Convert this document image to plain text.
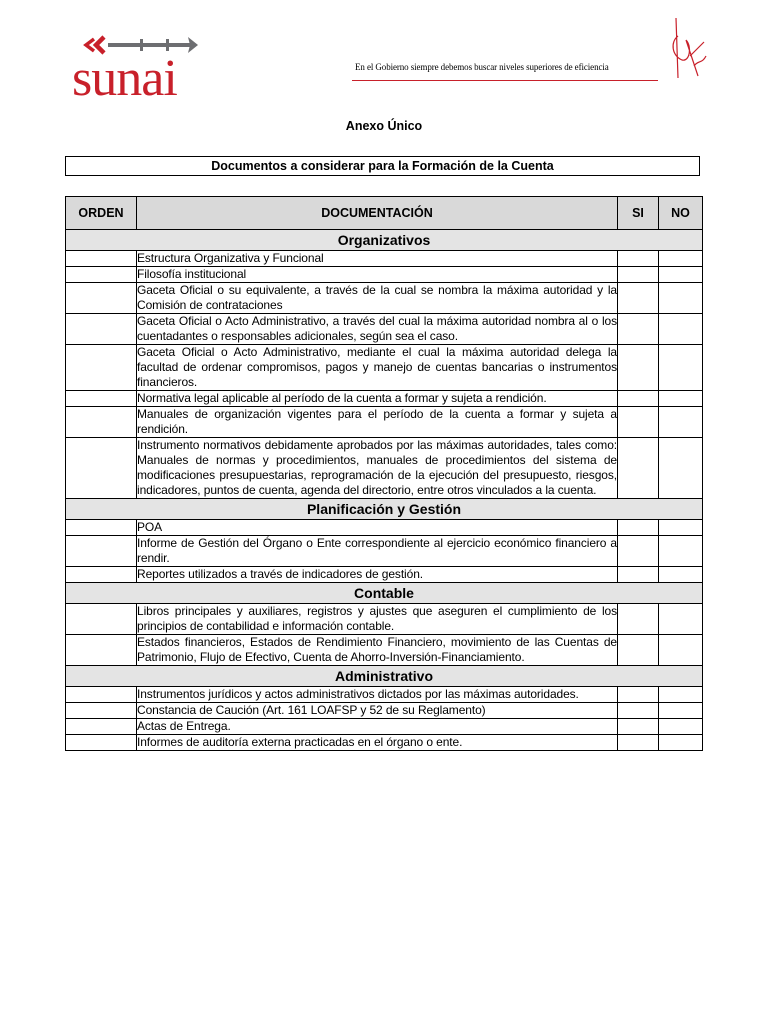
sunai	En el Gobierno siempre debemos buscar niveles superiores de eficiencia
Anexo Único
Documentos a considerar para la Formación de la Cuenta
ORDEN	DOCUMENTACIÓN	SI	NO
Organizativos			
	Estructura Organizativa y Funcional		
	Filosofía institucional		
	Gaceta Oficial o su equivalente, a través de la cual se nombra la máxima autoridad y la Comisión de contrataciones		
	Gaceta Oficial o Acto Administrativo, a través del cual la máxima autoridad nombra al o los cuentadantes o responsables adicionales, según sea el caso.		
	Gaceta Oficial o Acto Administrativo, mediante el cual la máxima autoridad delega la facultad de ordenar compromisos, pagos y manejo de cuentas bancarias o instrumentos financieros.		
	Normativa legal aplicable al período de la cuenta a formar y sujeta a rendición.		
	Manuales de organización vigentes para el período de la cuenta a formar y sujeta a rendición.		
	Instrumento normativos debidamente aprobados por las máximas autoridades, tales como: Manuales de normas y procedimientos, manuales de procedimientos del sistema de modificaciones presupuestarias, reprogramación de la ejecución del presupuesto, riesgos, indicadores, puntos de cuenta, agenda del directorio, entre otros vinculados a la cuenta.		
Planificación y Gestión			
	POA		
	Informe de Gestión del Órgano o Ente correspondiente al ejercicio económico financiero a rendir.		
	Reportes utilizados a través de indicadores de gestión.		
Contable			
	Libros principales y auxiliares, registros y ajustes que aseguren el cumplimiento de los principios de contabilidad e información contable.		
	Estados financieros, Estados de Rendimiento Financiero, movimiento de las Cuentas de Patrimonio, Flujo de Efectivo, Cuenta de Ahorro-Inversión-Financiamiento.		
Administrativo			
	Instrumentos jurídicos y actos administrativos dictados por las máximas autoridades.		
	Constancia de Caución (Art. 161 LOAFSP y 52 de su Reglamento)		
	Actas de Entrega.		
	Informes de auditoría externa practicadas en el órgano o ente.		
